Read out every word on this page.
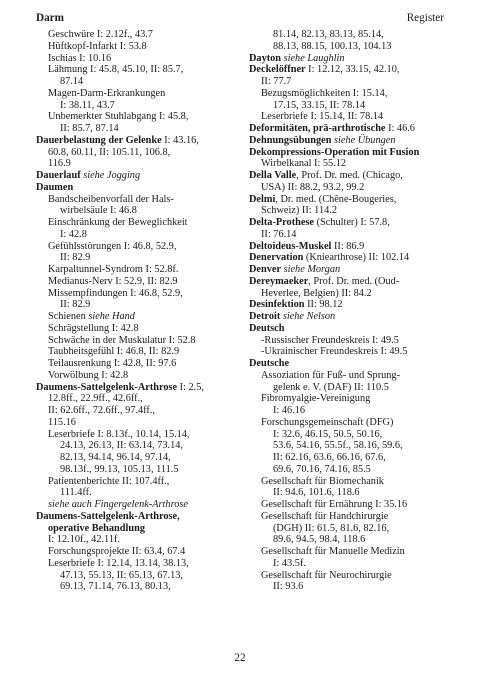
Darm	Register
Geschwüre I: 2.12f., 43.7
Hüftkopf-Infarkt I: 53.8
Ischias I: 10.16
Lähmung I: 45.8, 45.10, II: 85.7,
87.14
Magen-Darm-Erkrankungen
I: 38.11, 43.7
Unbemerkter Stuhlabgang I: 45.8,
II: 85.7, 87.14
Dauerbelastung der Gelenke I: 43.16,
60.8, 60.11, II: 105.11, 106.8,
116.9
Dauerlauf siehe Jogging
Daumen
Bandscheibenvorfall der Hals-
wirbelsäule I: 46.8
Einschränkung der Beweglichkeit
I: 42.8
Gefühlsstörungen I: 46.8, 52.9,
II: 82.9
Karpaltunnel-Syndrom I: 52.8f.
Medianus-Nerv I: 52.9, II: 82.9
Missempfindungen I: 46.8, 52.9,
II: 82.9
Schienen siehe Hand
Schrägstellung I: 42.8
Schwäche in der Muskulatur I: 52.8
Taubheitsgefühl I: 46.8, II: 82.9
Teilausrenkung I: 42.8, II: 97.6
Vorwölbung I: 42.8
Daumens-Sattelgelenk-Arthrose I: 2.5,
12.8ff., 22.9ff., 42.6ff.,
II: 62.6ff., 72.6ff., 97.4ff.,
115.16
Leserbriefe I: 8.13f., 10.14, 15.14,
24.13, 26.13, II: 63.14, 73.14,
82.13, 94.14, 96.14, 97.14,
98.13f., 99.13, 105.13, 111.5
Patientenberichte II: 107.4ff.,
111.4ff.
siehe auch Fingergelenk-Arthrose
Daumens-Sattelgelenk-Arthrose,
operative Behandlung
I: 12.10f., 42.11f.
Forschungsprojekte II: 63.4, 67.4
Leserbriefe I: 12.14, 13.14, 38.13,
47.13, 55.13, II: 65.13, 67.13,
69.13, 71.14, 76.13, 80.13,
81.14, 82.13, 83.13, 85.14,
88.13, 88.15, 100.13, 104.13
Dayton siehe Laughlin
Deckelöffner I: 12.12, 33.15, 42.10,
II: 77.7
Bezugsmöglichkeiten I: 15.14,
17.15, 33.15, II: 78.14
Leserbriefe I: 15.14, II: 78.14
Deformitäten, prä-arthrotische I: 46.6
Dehnungsübungen siehe Übungen
Dekompressions-Operation mit Fusion
Wirbelkanal I: 55.12
Della Valle, Prof. Dr. med. (Chicago,
USA) II: 88.2, 93.2, 99.2
Delmi, Dr. med. (Chêne-Bougeries,
Schweiz) II: 114.2
Delta-Prothese (Schulter) I: 57.8,
II: 76.14
Deltoideus-Muskel II: 86.9
Denervation (Kniearthrose) II: 102.14
Denver siehe Morgan
Dereymaeker, Prof. Dr. med. (Oud-
Heverlee, Belgien) II: 84.2
Desinfektion II: 98.12
Detroit siehe Nelson
Deutsch
-Russischer Freundeskreis I: 49.5
-Ukrainischer Freundeskreis I: 49.5
Deutsche
Assoziation für Fuß- und Sprung-
gelenk e. V. (DAF) II: 110.5
Fibromyalgie-Vereinigung
I: 46.16
Forschungsgemeinschaft (DFG)
I: 32.6, 46.15, 50.5, 50.16,
53.6, 54.16, 55.5f., 58.16, 59.6,
II: 62.16, 63.6, 66.16, 67.6,
69.6, 70.16, 74.16, 85.5
Gesellschaft für Biomechanik
II: 94.6, 101.6, 118.6
Gesellschaft für Ernährung I: 35.16
Gesellschaft für Handchirurgie
(DGH) II: 61.5, 81.6, 82.16,
89.6, 94.5, 98.4, 118.6
Gesellschaft für Manuelle Medizin
I: 43.5f.
Gesellschaft für Neurochirurgie
II: 93.6
22
